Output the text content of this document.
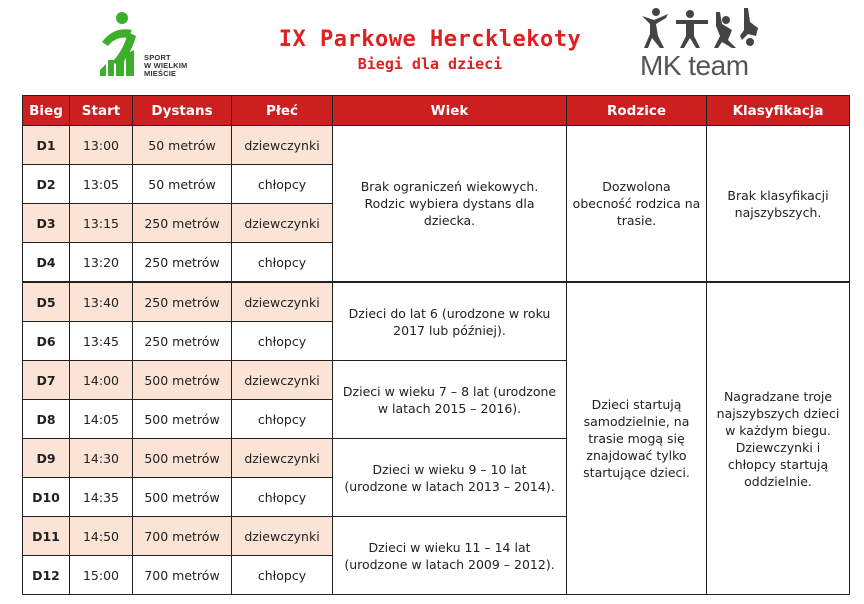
SPORT
W WIELKIM
MIEŚCIE
IX Parkowe Hercklekoty
Biegi dla dzieci	MK team
Bieg	Start	Dystans	Płeć	Wiek	Rodzice	Klasyfikacja
D1	13:00	50 metrów	dziewczynki	Brak ograniczeń wiekowych. Rodzic wybiera dystans dla dziecka.	Dozwolona obecność rodzica na trasie.	Brak klasyfikacji najszybszych.
D2	13:05	50 metrów	chłopcy			
D3	13:15	250 metrów	dziewczynki			
D4	13:20	250 metrów	chłopcy			
D5	13:40	250 metrów	dziewczynki	Dzieci do lat 6 (urodzone w roku 2017 lub później).	Dzieci startują samodzielnie, na trasie mogą się znajdować tylko startujące dzieci.	Nagradzane troje najszybszych dzieci w każdym biegu. Dziewczynki i chłopcy startują oddzielnie.
D6	13:45	250 metrów	chłopcy			
D7	14:00	500 metrów	dziewczynki	Dzieci w wieku 7 – 8 lat (urodzone w latach 2015 – 2016).		
D8	14:05	500 metrów	chłopcy			
D9	14:30	500 metrów	dziewczynki	Dzieci w wieku 9 – 10 lat (urodzone w latach 2013 – 2014).		
D10	14:35	500 metrów	chłopcy			
D11	14:50	700 metrów	dziewczynki	Dzieci w wieku 11 – 14 lat (urodzone w latach 2009 – 2012).		
D12	15:00	700 metrów	chłopcy			
